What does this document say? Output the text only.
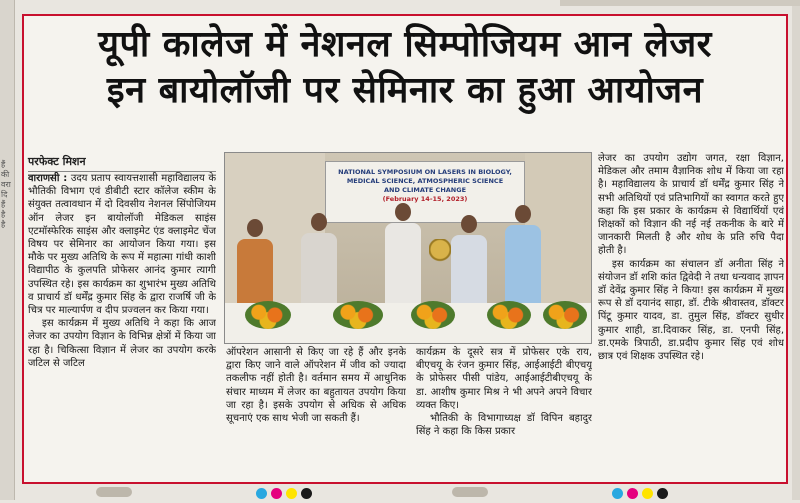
हैं
की
वरा
दि
हैं
है
है
यूपी कालेज में नेशनल सिम्पोजियम आन लेजर
इन बायोलॉजी पर सेमिनार का हुआ आयोजन
परफेक्ट मिशन
वाराणसी : उदय प्रताप स्वायत्तशासी महाविद्यालय के भौतिकी विभाग एवं डीबीटी स्टार कॉलेज स्कीम के संयुक्त तत्वावधान में दो दिवसीय नेशनल सिंपोजियम ऑन लेजर इन बायोलॉजी मेडिकल साइंस एटमॉस्फेरिक साइंस और क्लाइमेट एंड क्लाइमेट चेंज विषय पर सेमिनार का आयोजन किया गया। इस मौके पर मुख्य अतिथि के रूप में महात्मा गांधी काशी विद्यापीठ के कुलपति प्रोफेसर आनंद कुमार त्यागी उपस्थित रहे। इस कार्यक्रम का शुभारंभ मुख्य अतिथि व प्राचार्य डॉ धर्मेंद्र कुमार सिंह के द्वारा राजर्षि जी के चित्र पर माल्यार्पण व दीप प्रज्वलन कर किया गया।
इस कार्यक्रम में मुख्य अतिथि ने कहा कि आज लेजर का उपयोग विज्ञान के विभिन्न क्षेत्रों में किया जा रहा है। चिकित्सा विज्ञान में लेजर का उपयोग करके जटिल से जटिल
NATIONAL SYMPOSIUM ON LASERS IN BIOLOGY,
MEDICAL SCIENCE, ATMOSPHERIC SCIENCE
AND CLIMATE CHANGE
(February 14-15, 2023)
ऑपरेशन आसानी से किए जा रहे हैं और इनके द्वारा किए जाने वाले ऑपरेशन में जीव को ज्यादा तकलीफ नहीं होती है। वर्तमान समय में आधुनिक संचार माध्यम में लेजर का बहुतायत उपयोग किया जा रहा है। इसके उपयोग से अधिक से अधिक सूचनाएं एक साथ भेजी जा सकती हैं।
कार्यक्रम के दूसरे सत्र में प्रोफेसर एके राय, बीएचयू के रंजन कुमार सिंह, आईआईटी बीएचयू के प्रोफेसर पीसी पांडेय, आईआईटीबीएचयू के डा. आशीष कुमार मिश्र ने भी अपने अपने विचार व्यक्त किए।
भौतिकी के विभागाध्यक्ष डॉ विपिन बहादुर सिंह ने कहा कि किस प्रकार
लेजर का उपयोग उद्योग जगत, रक्षा विज्ञान, मेडिकल और तमाम वैज्ञानिक शोध में किया जा रहा है। महाविद्यालय के प्राचार्य डॉ धर्मेंद्र कुमार सिंह ने सभी अतिथियों एवं प्रतिभागियों का स्वागत करते हुए कहा कि इस प्रकार के कार्यक्रम से विद्यार्थियों एवं शिक्षकों को विज्ञान की नई नई तकनीक के बारे में जानकारी मिलती है और शोध के प्रति रुचि पैदा होती है।
इस कार्यक्रम का संचालन डॉ अनीता सिंह ने संयोजन डॉ शशि कांत द्विवेदी ने तथा धन्यवाद ज्ञापन डॉ देवेंद्र कुमार सिंह ने किया! इस कार्यक्रम में मुख्य रूप से डॉ दयानंद साहा, डॉ. टीके श्रीवास्तव, डॉक्टर पिंटू कुमार यादव, डा. तुमुल सिंह, डॉक्टर सुधीर कुमार शाही, डा.दिवाकर सिंह, डा. एनपी सिंह, डा.एमके त्रिपाठी, डा.प्रदीप कुमार सिंह एवं शोध छात्र एवं शिक्षक उपस्थित रहे।
